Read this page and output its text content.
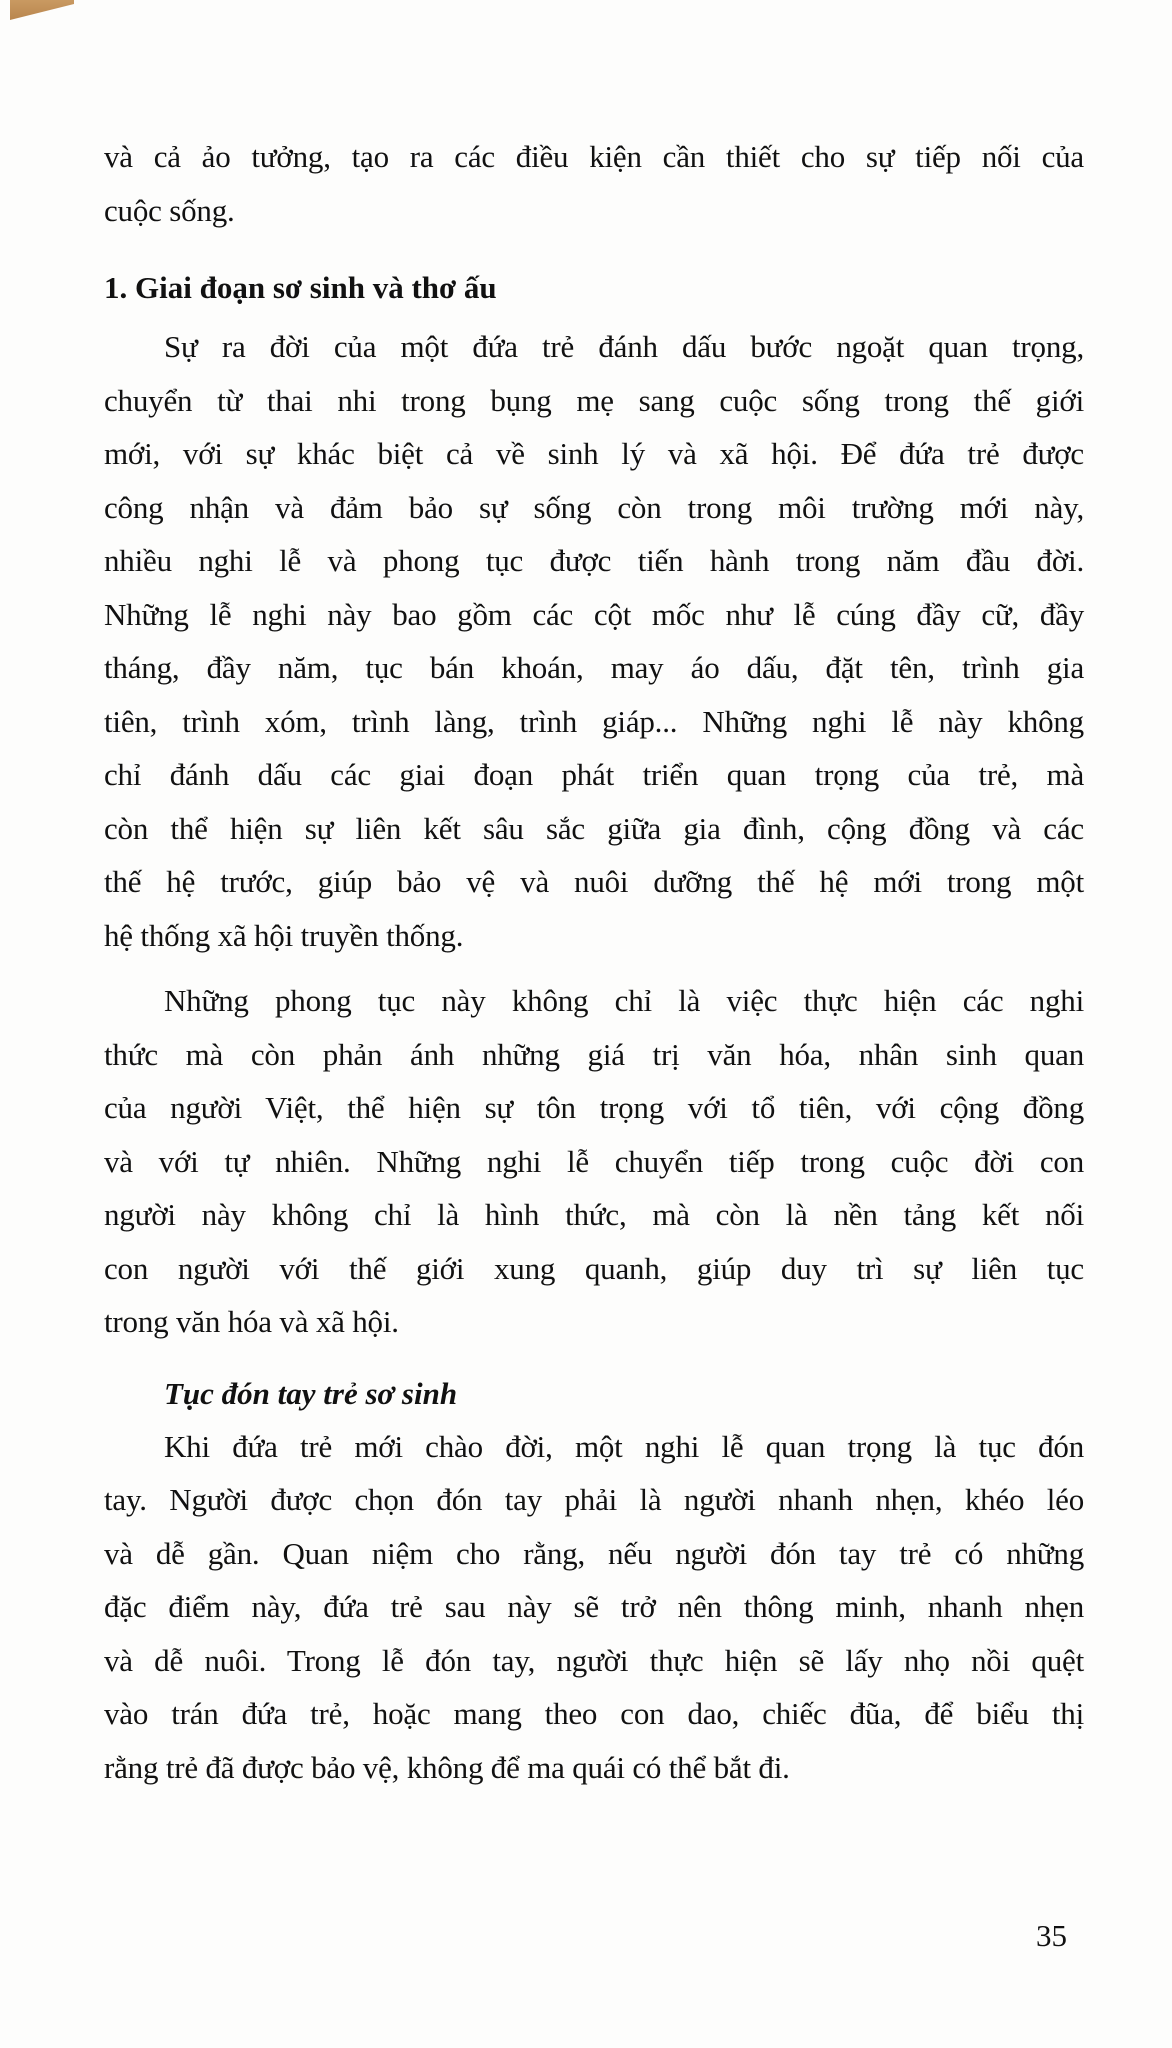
và cả ảo tưởng, tạo ra các điều kiện cần thiết cho sự tiếp nối của
cuộc sống.
1. Giai đoạn sơ sinh và thơ ấu
Sự ra đời của một đứa trẻ đánh dấu bước ngoặt quan trọng,
chuyển từ thai nhi trong bụng mẹ sang cuộc sống trong thế giới
mới, với sự khác biệt cả về sinh lý và xã hội. Để đứa trẻ được
công nhận và đảm bảo sự sống còn trong môi trường mới này,
nhiều nghi lễ và phong tục được tiến hành trong năm đầu đời.
Những lễ nghi này bao gồm các cột mốc như lễ cúng đầy cữ, đầy
tháng, đầy năm, tục bán khoán, may áo dấu, đặt tên, trình gia
tiên, trình xóm, trình làng, trình giáp... Những nghi lễ này không
chỉ đánh dấu các giai đoạn phát triển quan trọng của trẻ, mà
còn thể hiện sự liên kết sâu sắc giữa gia đình, cộng đồng và các
thế hệ trước, giúp bảo vệ và nuôi dưỡng thế hệ mới trong một
hệ thống xã hội truyền thống.
Những phong tục này không chỉ là việc thực hiện các nghi
thức mà còn phản ánh những giá trị văn hóa, nhân sinh quan
của người Việt, thể hiện sự tôn trọng với tổ tiên, với cộng đồng
và với tự nhiên. Những nghi lễ chuyển tiếp trong cuộc đời con
người này không chỉ là hình thức, mà còn là nền tảng kết nối
con người với thế giới xung quanh, giúp duy trì sự liên tục
trong văn hóa và xã hội.
Tục đón tay trẻ sơ sinh
Khi đứa trẻ mới chào đời, một nghi lễ quan trọng là tục đón
tay. Người được chọn đón tay phải là người nhanh nhẹn, khéo léo
và dễ gần. Quan niệm cho rằng, nếu người đón tay trẻ có những
đặc điểm này, đứa trẻ sau này sẽ trở nên thông minh, nhanh nhẹn
và dễ nuôi. Trong lễ đón tay, người thực hiện sẽ lấy nhọ nồi quệt
vào trán đứa trẻ, hoặc mang theo con dao, chiếc đũa, để biểu thị
rằng trẻ đã được bảo vệ, không để ma quái có thể bắt đi.
35
